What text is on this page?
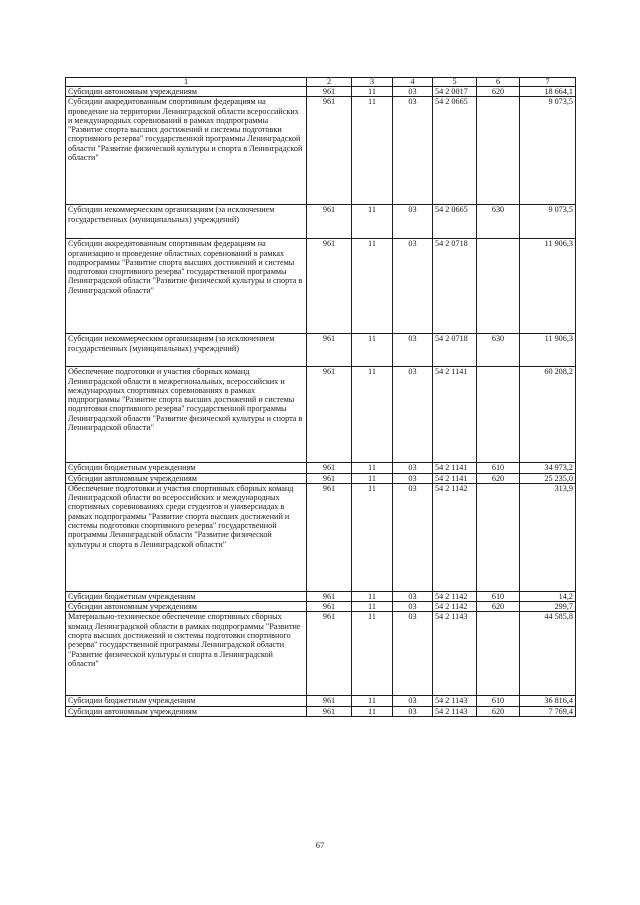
1	2	3	4	5	6	7
Субсидии автономным учреждениям	961	11	03	54 2 0017	620	18 664,1
Субсидии аккредитованным спортивным федерациям на проведение на территории Ленинградской области всероссийских и международных соревнований в рамках подпрограммы "Развитие спорта высших достижений и системы подготовки спортивного резерва" государственной программы Ленинградской области "Развитие физической культуры и спорта в Ленинградской области"	961	11	03	54 2 0665		9 073,5
Субсидии некоммерческим организациям (за исключением государственных (муниципальных) учреждений)	961	11	03	54 2 0665	630	9 073,5
Субсидии аккредитованным спортивным федерациям на организацию и проведение областных соревнований в рамках подпрограммы "Развитие спорта высших достижений и системы подготовки спортивного резерва" государственной программы Ленинградской области "Развитие физической культуры и спорта в Ленинградской области"	961	11	03	54 2 0718		11 906,3
Субсидии некоммерческим организациям (за исключением государственных (муниципальных) учреждений)	961	11	03	54 2 0718	630	11 906,3
Обеспечение подготовки и участия сборных команд Ленинградской области в межрегиональных, всероссийских и международных спортивных соревнованиях в рамках подпрограммы "Развитие спорта высших достижений и системы подготовки спортивного резерва" государственной программы Ленинградской области "Развитие физической культуры и спорта в Ленинградской области"	961	11	03	54 2 1141		60 208,2
Субсидии бюджетным учреждениям	961	11	03	54 2 1141	610	34 973,2
Субсидии автономным учреждениям	961	11	03	54 2 1141	620	25 235,0
Обеспечение подготовки и участия спортивных сборных команд Ленинградской области во всероссийских и международных спортивных соревнованиях среди студентов и универсиадах в рамках подпрограммы "Развитие спорта высших достижений и системы подготовки спортивного резерва" государственной программы Ленинградской области "Развитие физической культуры и спорта в Ленинградской области"	961	11	03	54 2 1142		313,9
Субсидии бюджетным учреждениям	961	11	03	54 2 1142	610	14,2
Субсидии автономным учреждениям	961	11	03	54 2 1142	620	299,7
Материально-техническое обеспечение спортивных сборных команд Ленинградской области в рамках подпрограммы "Развитие спорта высших достижений и системы подготовки спортивного резерва" государственной программы Ленинградской области "Развитие физической культуры и спорта в Ленинградской области"	961	11	03	54 2 1143		44 585,8
Субсидии бюджетным учреждениям	961	11	03	54 2 1143	610	36 816,4
Субсидии автономным учреждениям	961	11	03	54 2 1143	620	7 769,4
67
